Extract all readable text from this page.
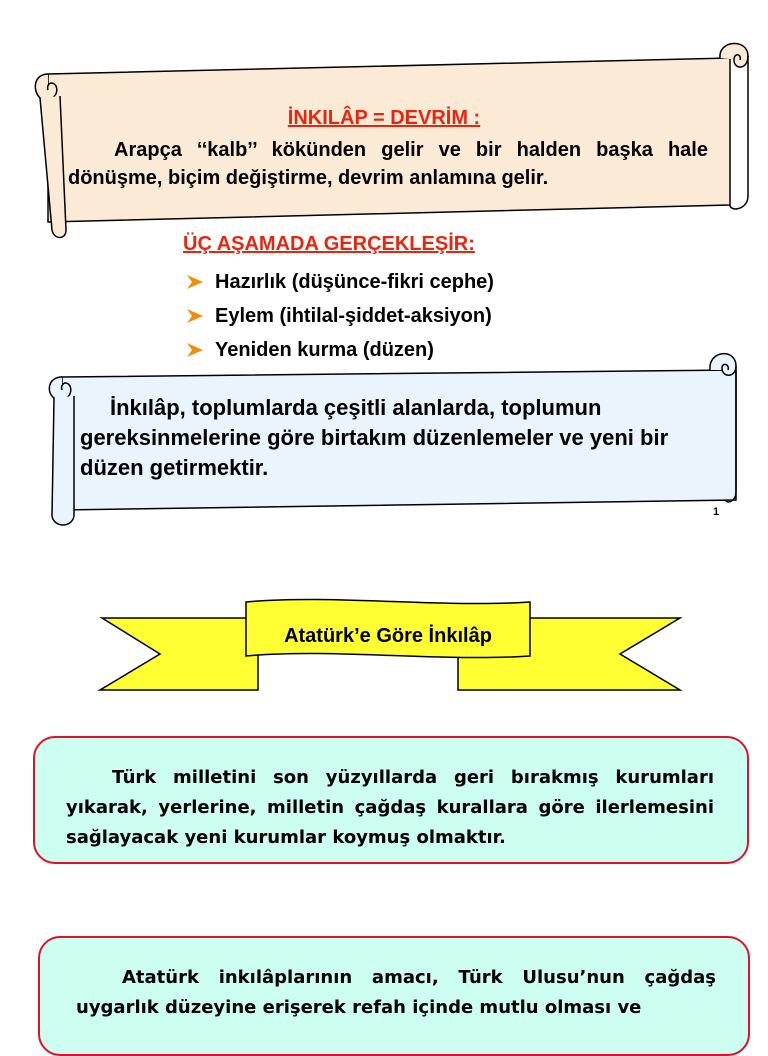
İNKILÂP = DEVRİM :
Arapça ‘‘kalb’’ kökünden gelir ve bir halden başka hale dönüşme, biçim değiştirme, devrim anlamına gelir.
ÜÇ AŞAMADA GERÇEKLEŞİR:
Hazırlık (düşünce-fikri cephe)
Eylem (ihtilal-şiddet-aksiyon)
Yeniden kurma (düzen)
İnkılâp, toplumlarda çeşitli alanlarda, toplumun gereksinmelerine göre birtakım düzenlemeler ve yeni bir düzen getirmektir.
1
Atatürk’e Göre İnkılâp
Türk milletini son yüzyıllarda geri bırakmış kurumları yıkarak, yerlerine, milletin çağdaş kurallara göre ilerlemesini sağlayacak yeni kurumlar koymuş olmaktır.
Atatürk inkılâplarının amacı, Türk Ulusu’nun çağdaş uygarlık düzeyine erişerek refah içinde mutlu olması ve
